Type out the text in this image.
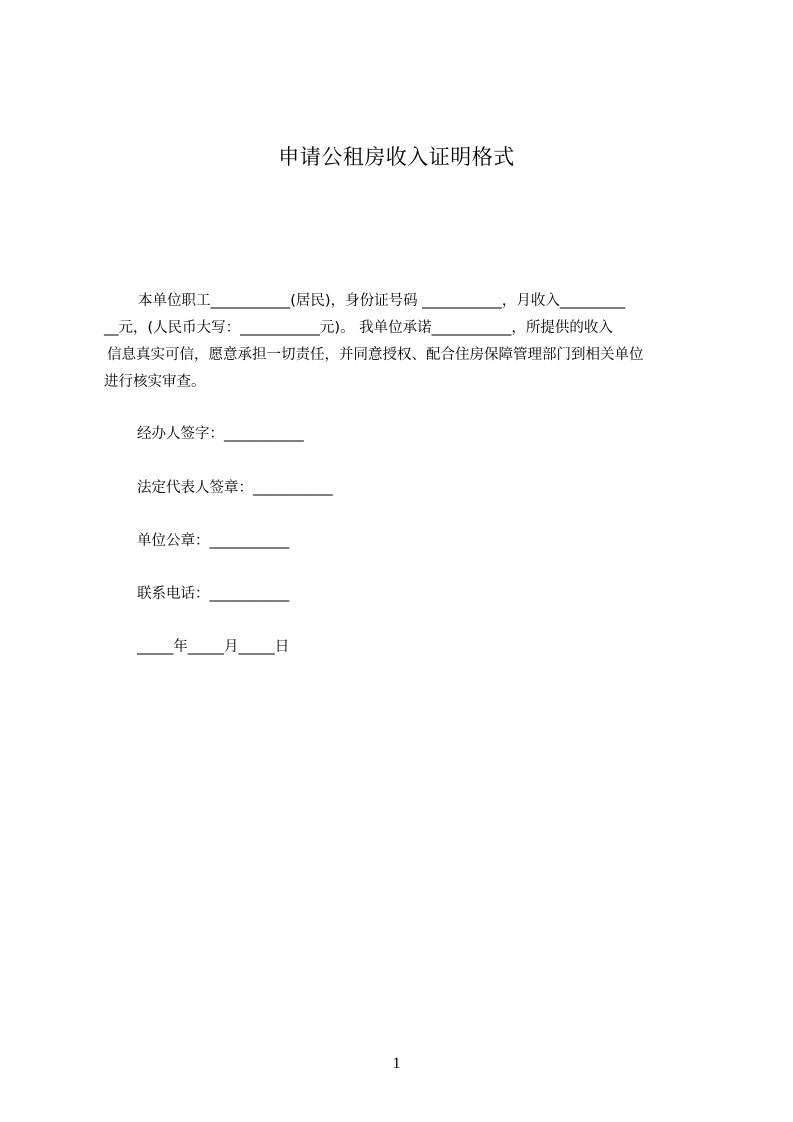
申请公租房收入证明格式
本单位职工___________(居民)，身份证号码 ___________，月收入_________
__元，(人民币大写：___________元)。 我单位承诺___________，所提供的收入
信息真实可信，愿意承担一切责任，并同意授权、配合住房保障管理部门到相关单位
进行核实审查。
经办人签字：___________
法定代表人签章：___________
单位公章：___________
联系电话：___________
_____年_____月_____日
1
